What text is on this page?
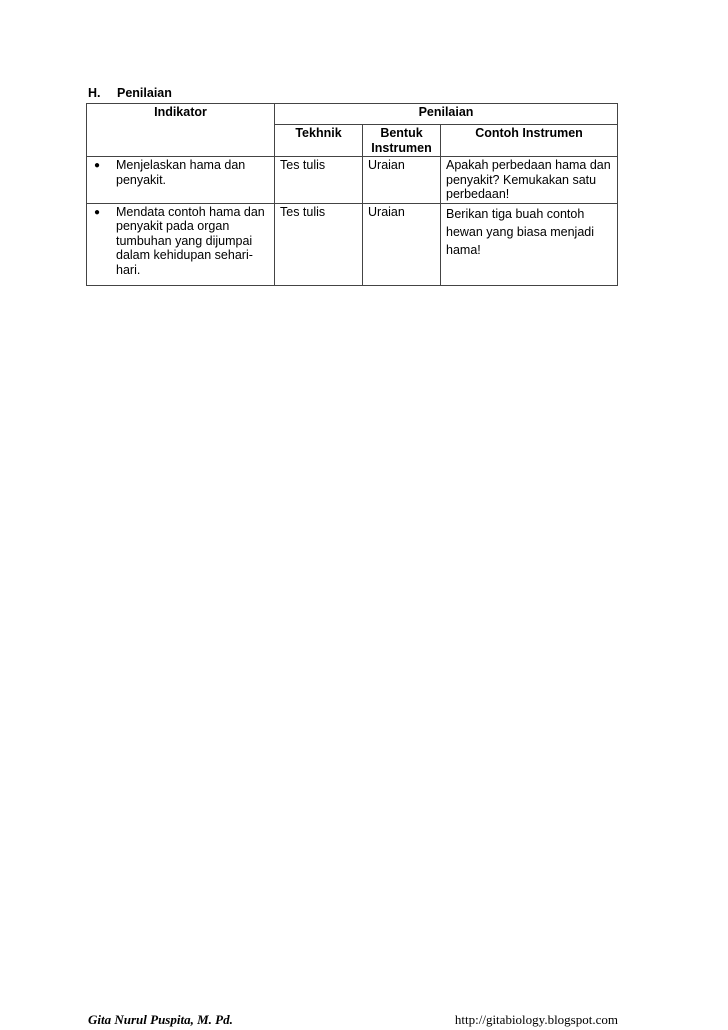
H. Penilaian
Indikator	Penilaian		
	Tekhnik	Bentuk Instrumen	Contoh Instrumen

● Menjelaskan hama dan penyakit.	Tes tulis	Uraian	Apakah perbedaan hama dan penyakit? Kemukakan satu perbedaan!

● Mendata contoh hama dan penyakit pada organ tumbuhan yang dijumpai dalam kehidupan sehari-hari.	Tes tulis	Uraian	Berikan tiga buah contoh hewan yang biasa menjadi hama!
Gita Nurul Puspita, M. Pd.	http://gitabiology.blogspot.com
